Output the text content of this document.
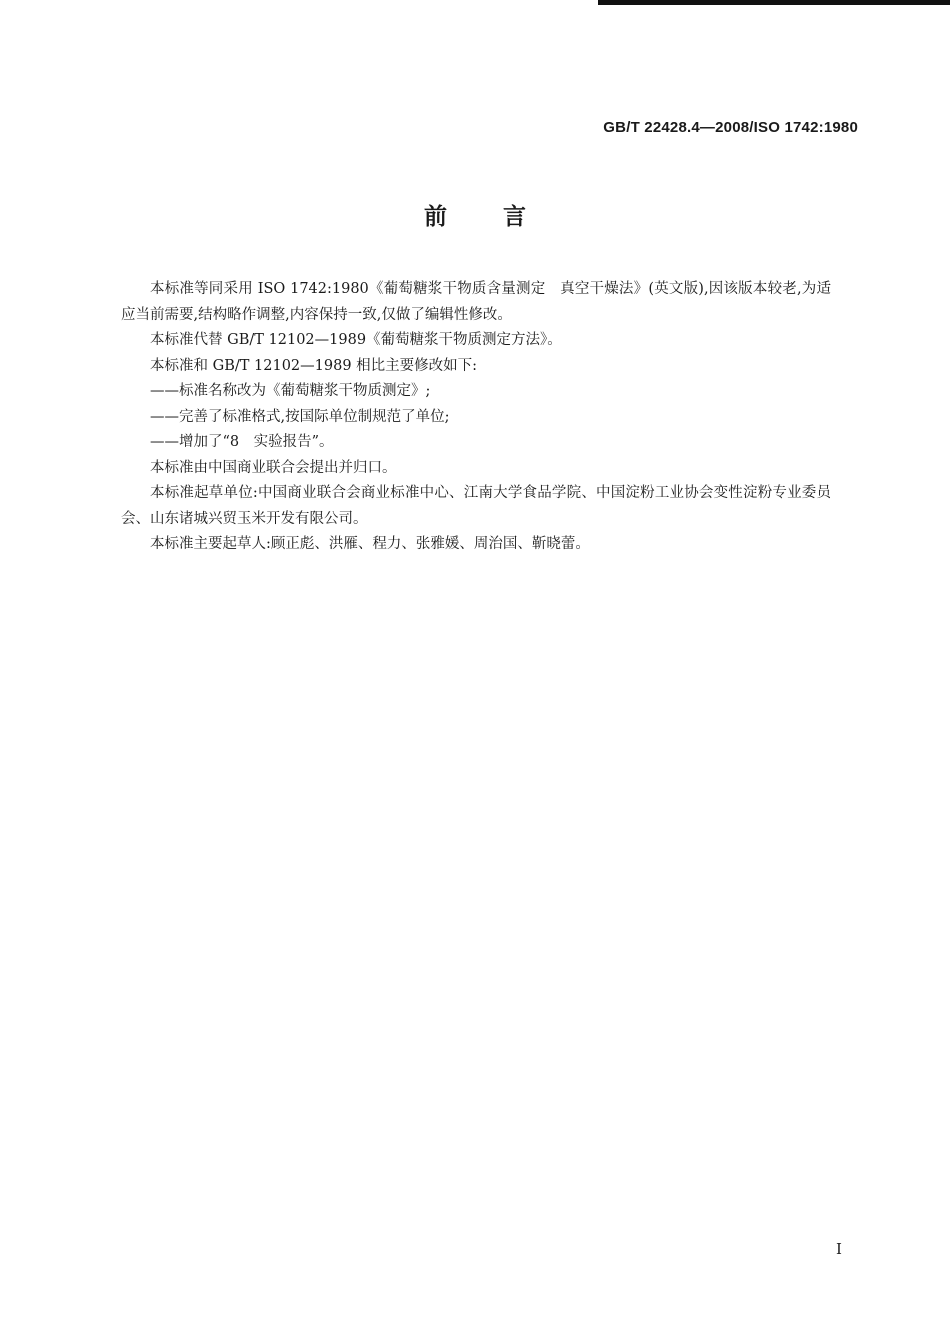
GB/T 22428.4—2008/ISO 1742:1980
前言

本标准等同采用 ISO 1742:1980《葡萄糖浆干物质含量测定　真空干燥法》(英文版),因该版本较老,为适应当前需要,结构略作调整,内容保持一致,仅做了编辑性修改。

本标准代替 GB/T 12102—1989《葡萄糖浆干物质测定方法》。

本标准和 GB/T 12102—1989 相比主要修改如下:

——标准名称改为《葡萄糖浆干物质测定》;

——完善了标准格式,按国际单位制规范了单位;

——增加了“8　实验报告”。

本标准由中国商业联合会提出并归口。

本标准起草单位:中国商业联合会商业标准中心、江南大学食品学院、中国淀粉工业协会变性淀粉专业委员会、山东诸城兴贸玉米开发有限公司。

本标准主要起草人:顾正彪、洪雁、程力、张雅媛、周治国、靳晓蕾。

I
